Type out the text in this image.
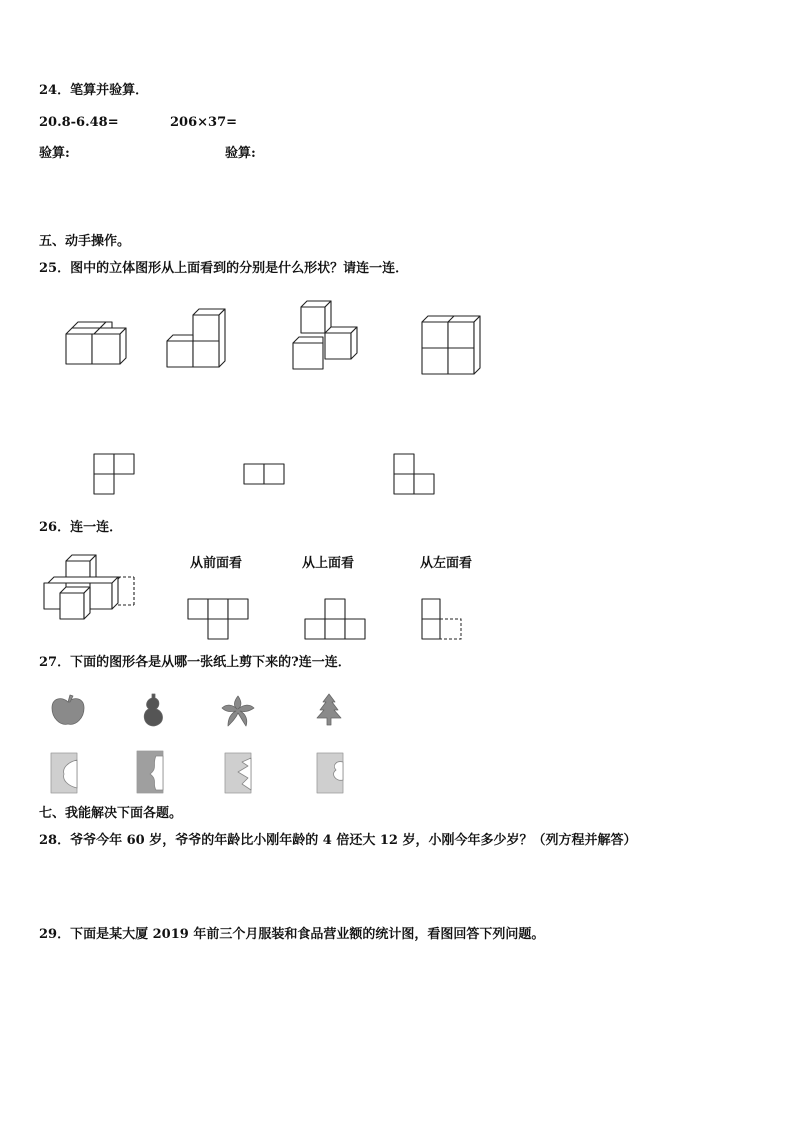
24．笔算并验算．
20.8-6.48=	206×37=
验算:	验算:
五、动手操作。
25．图中的立体图形从上面看到的分别是什么形状？请连一连．
26．连一连．
从前面看	从上面看	从左面看
27．下面的图形各是从哪一张纸上剪下来的?连一连．
七、我能解决下面各题。
28．爷爷今年 60 岁，爷爷的年龄比小刚年龄的 4 倍还大 12 岁，小刚今年多少岁？（列方程并解答）
29．下面是某大厦 2019 年前三个月服装和食品营业额的统计图，看图回答下列问题。
